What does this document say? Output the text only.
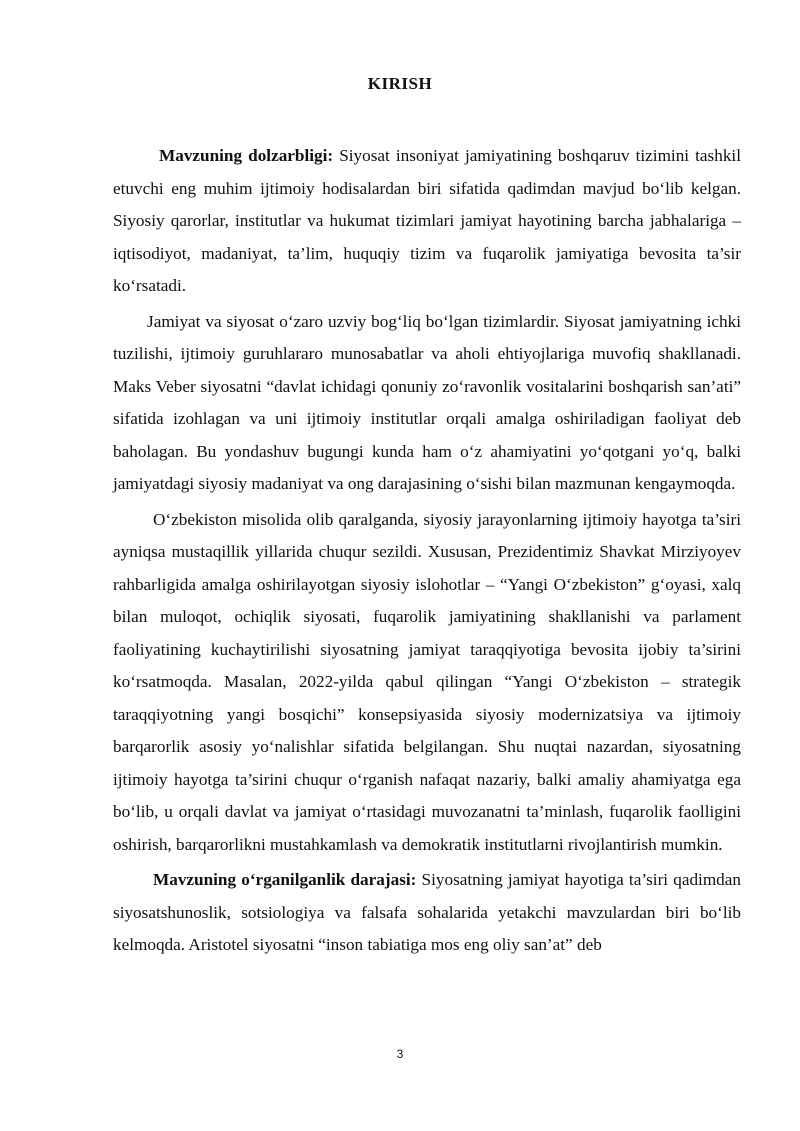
KIRISH

Mavzuning dolzarbligi: Siyosat insoniyat jamiyatining boshqaruv tizimini tashkil etuvchi eng muhim ijtimoiy hodisalardan biri sifatida qadimdan mavjud bo‘lib kelgan. Siyosiy qarorlar, institutlar va hukumat tizimlari jamiyat hayotining barcha jabhalariga – iqtisodiyot, madaniyat, ta’lim, huquqiy tizim va fuqarolik jamiyatiga bevosita ta’sir ko‘rsatadi.

Jamiyat va siyosat o‘zaro uzviy bog‘liq bo‘lgan tizimlardir. Siyosat jamiyatning ichki tuzilishi, ijtimoiy guruhlararo munosabatlar va aholi ehtiyojlariga muvofiq shakllanadi. Maks Veber siyosatni “davlat ichidagi qonuniy zo‘ravonlik vositalarini boshqarish san’ati” sifatida izohlagan va uni ijtimoiy institutlar orqali amalga oshiriladigan faoliyat deb baholagan. Bu yondashuv bugungi kunda ham o‘z ahamiyatini yo‘qotgani yo‘q, balki jamiyatdagi siyosiy madaniyat va ong darajasining o‘sishi bilan mazmunan kengaymoqda.

O‘zbekiston misolida olib qaralganda, siyosiy jarayonlarning ijtimoiy hayotga ta’siri ayniqsa mustaqillik yillarida chuqur sezildi. Xususan, Prezidentimiz Shavkat Mirziyoyev rahbarligida amalga oshirilayotgan siyosiy islohotlar – “Yangi O‘zbekiston” g‘oyasi, xalq bilan muloqot, ochiqlik siyosati, fuqarolik jamiyatining shakllanishi va parlament faoliyatining kuchaytirilishi siyosatning jamiyat taraqqiyotiga bevosita ijobiy ta’sirini ko‘rsatmoqda. Masalan, 2022-yilda qabul qilingan “Yangi O‘zbekiston – strategik taraqqiyotning yangi bosqichi” konsepsiyasida siyosiy modernizatsiya va ijtimoiy barqarorlik asosiy yo‘nalishlar sifatida belgilangan. Shu nuqtai nazardan, siyosatning ijtimoiy hayotga ta’sirini chuqur o‘rganish nafaqat nazariy, balki amaliy ahamiyatga ega bo‘lib, u orqali davlat va jamiyat o‘rtasidagi muvozanatni ta’minlash, fuqarolik faolligini oshirish, barqarorlikni mustahkamlash va demokratik institutlarni rivojlantirish mumkin.

Mavzuning o‘rganilganlik darajasi: Siyosatning jamiyat hayotiga ta’siri qadimdan siyosatshunoslik, sotsiologiya va falsafa sohalarida yetakchi mavzulardan biri bo‘lib kelmoqda. Aristotel siyosatni “inson tabiatiga mos eng oliy san’at” deb

3
